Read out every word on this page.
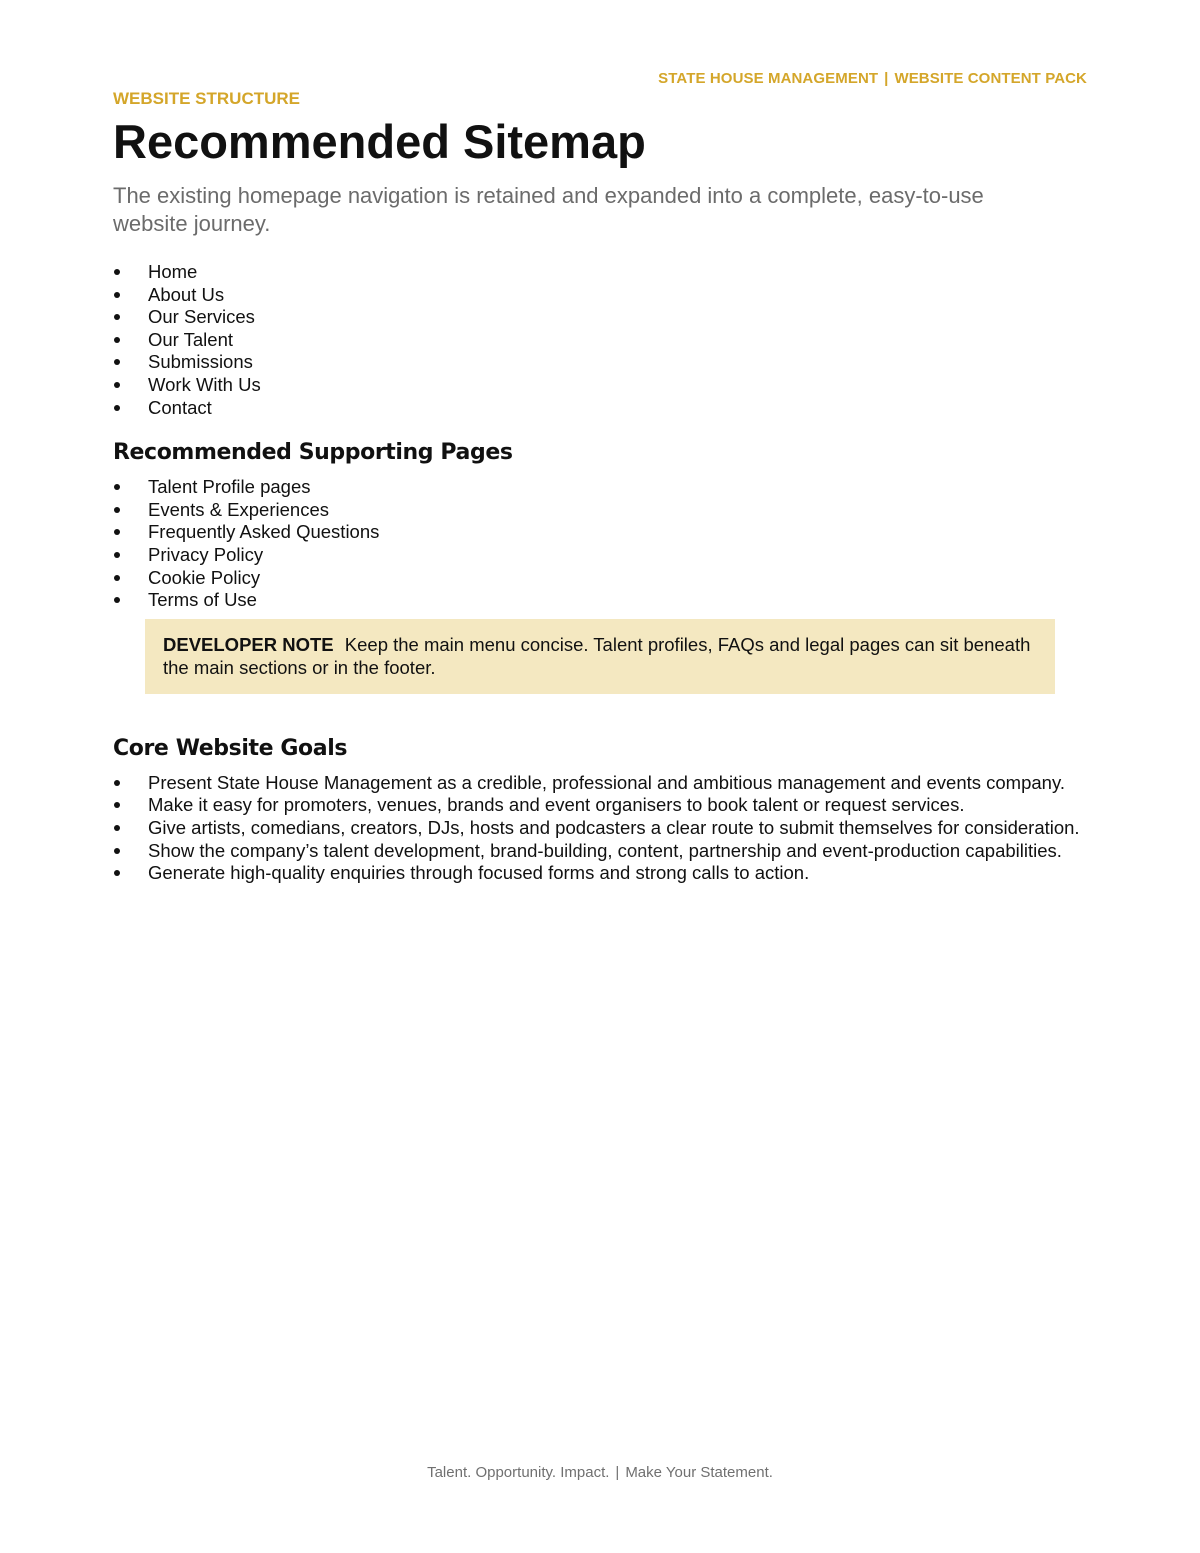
STATE HOUSE MANAGEMENT | WEBSITE CONTENT PACK

WEBSITE STRUCTURE

Recommended Sitemap

The existing homepage navigation is retained and expanded into a complete, easy-to-use website journey.

Home
About Us
Our Services
Our Talent
Submissions
Work With Us
Contact
Recommended Supporting Pages
Talent Profile pages
Events & Experiences
Frequently Asked Questions
Privacy Policy
Cookie Policy
Terms of Use
DEVELOPER NOTE Keep the main menu concise. Talent profiles, FAQs and legal pages can sit beneath the main sections or in the footer.
Core Website Goals
Present State House Management as a credible, professional and ambitious management and events company.
Make it easy for promoters, venues, brands and event organisers to book talent or request services.
Give artists, comedians, creators, DJs, hosts and podcasters a clear route to submit themselves for consideration.
Show the company’s talent development, brand-building, content, partnership and event-production capabilities.
Generate high-quality enquiries through focused forms and strong calls to action.
Talent. Opportunity. Impact. | Make Your Statement.
